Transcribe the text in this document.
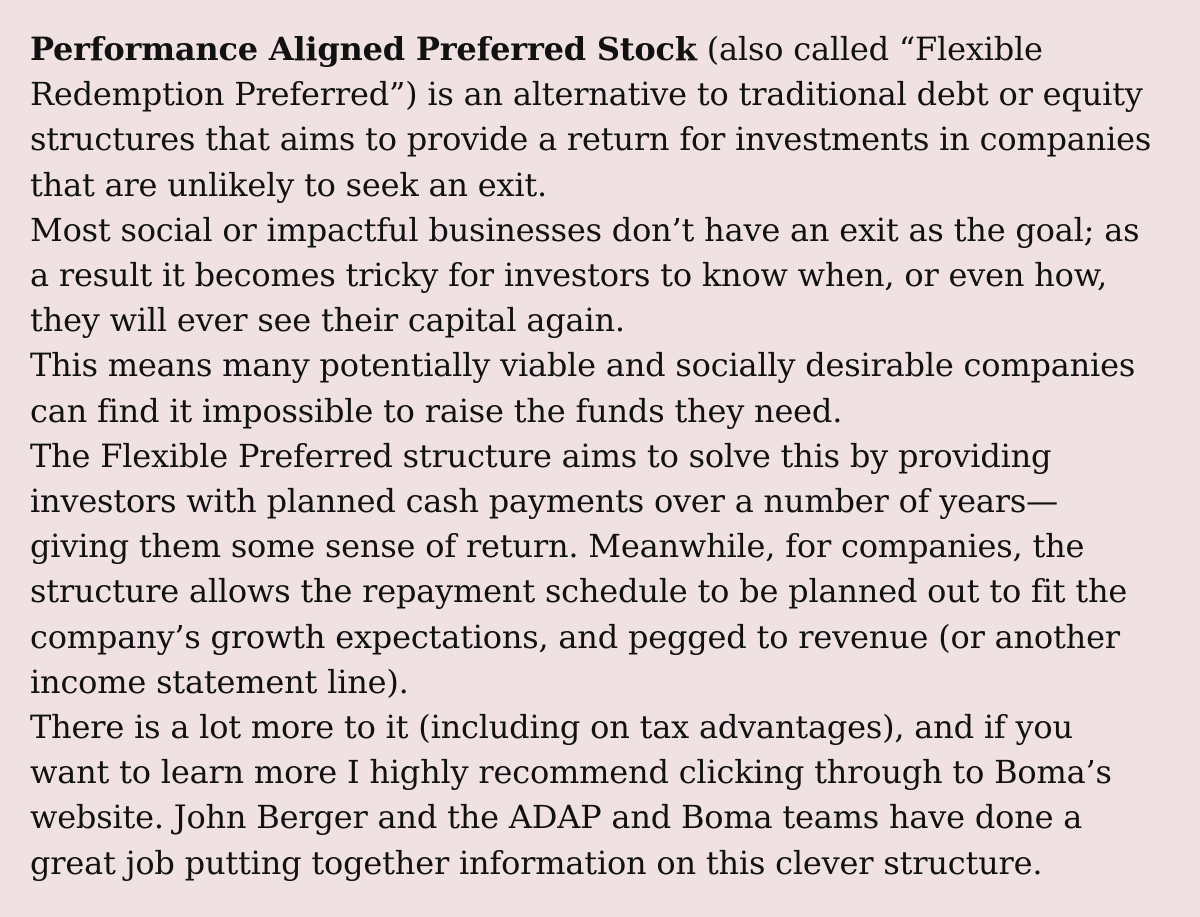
Performance Aligned Preferred Stock (also called “Flexible
Redemption Preferred”) is an alternative to traditional debt or equity
structures that aims to provide a return for investments in companies
that are unlikely to seek an exit.
Most social or impactful businesses don’t have an exit as the goal; as
a result it becomes tricky for investors to know when, or even how,
they will ever see their capital again.
This means many potentially viable and socially desirable companies
can find it impossible to raise the funds they need.
The Flexible Preferred structure aims to solve this by providing
investors with planned cash payments over a number of years—
giving them some sense of return. Meanwhile, for companies, the
structure allows the repayment schedule to be planned out to fit the
company’s growth expectations, and pegged to revenue (or another
income statement line).
There is a lot more to it (including on tax advantages), and if you
want to learn more I highly recommend clicking through to Boma’s
website. John Berger and the ADAP and Boma teams have done a
great job putting together information on this clever structure.
